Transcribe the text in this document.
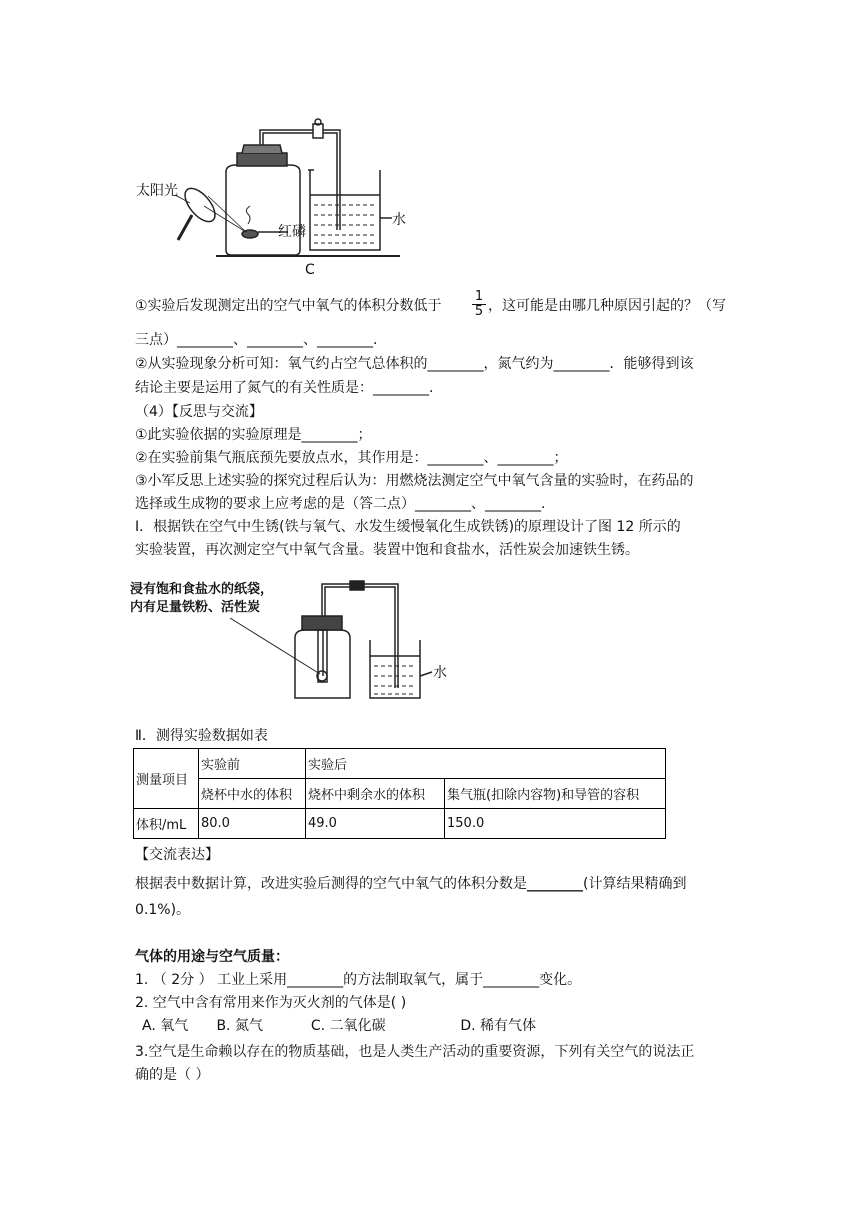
太阳光
红磷
水
C
①实验后发现测定出的空气中氧气的体积分数低于 $\frac{1}{5}$ ，这可能是由哪几种原因引起的？（写
三点）________、________、________.
②从实验现象分析可知：氧气约占空气总体积的________，氮气约为________．能够得到该
结论主要是运用了氮气的有关性质是：________.
（4）【反思与交流】
①此实验依据的实验原理是________；
②在实验前集气瓶底预先要放点水，其作用是：________、________；
③小军反思上述实验的探究过程后认为：用燃烧法测定空气中氧气含量的实验时，在药品的
选择或生成物的要求上应考虑的是（答二点）________、________.
Ⅰ．根据铁在空气中生锈(铁与氧气、水发生缓慢氧化生成铁锈)的原理设计了图 12 所示的
实验装置，再次测定空气中氧气含量。装置中饱和食盐水，活性炭会加速铁生锈。
浸有饱和食盐水的纸袋，
内有足量铁粉、活性炭
水
Ⅱ．测得实验数据如表
测量项目	实验前	实验后	
	烧杯中水的体积	烧杯中剩余水的体积	集气瓶(扣除内容物)和导管的容积
体积/mL	80.0	49.0	150.0
【交流表达】
根据表中数据计算，改进实验后测得的空气中氧气的体积分数是________(计算结果精确到
0.1%)。
气体的用途与空气质量：
1. （ 2分 ） 工业上采用________的方法制取氧气，属于________变化。
2. 空气中含有常用来作为灭火剂的气体是( )
A. 氧气 B. 氮气	C. 二氧化碳	D. 稀有气体
3.空气是生命赖以存在的物质基础，也是人类生产活动的重要资源，下列有关空气的说法正
确的是（ ）
